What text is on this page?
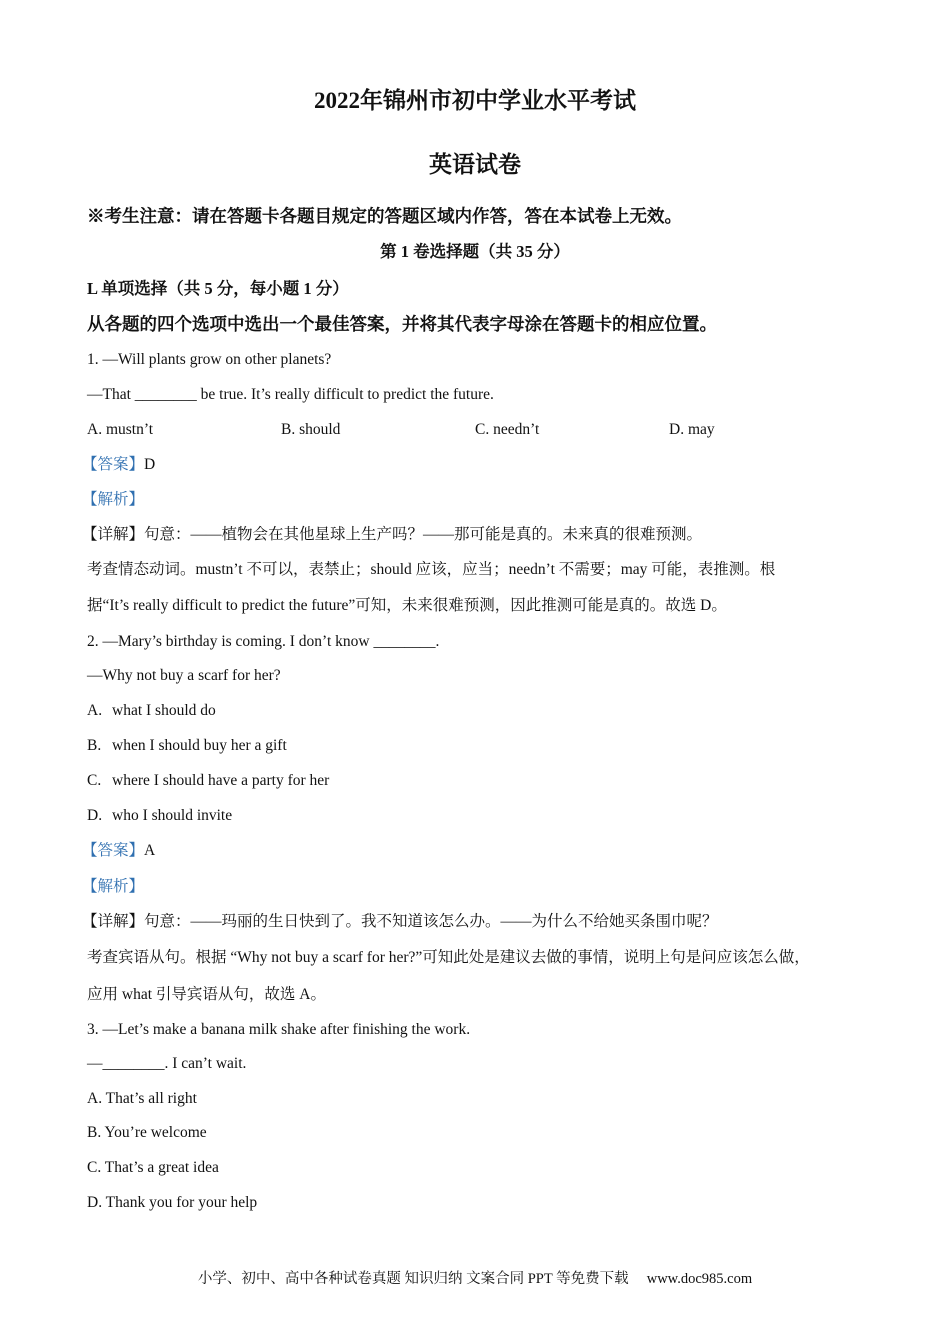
2022年锦州市初中学业水平考试
英语试卷
※考生注意：请在答题卡各题目规定的答题区域内作答，答在本试卷上无效。
第 1 卷选择题（共 35 分）
L 单项选择（共 5 分，每小题 1 分）
从各题的四个选项中选出一个最佳答案，并将其代表字母涂在答题卡的相应位置。
1. —Will plants grow on other planets?
—That ________ be true. It’s really difficult to predict the future.
A. mustn’t	B. should	C. needn’t	D. may
【答案】D
【解析】
【详解】句意：——植物会在其他星球上生产吗？——那可能是真的。未来真的很难预测。
考查情态动词。mustn’t 不可以，表禁止；should 应该，应当；needn’t 不需要；may 可能，表推测。根
据“It’s really difficult to predict the future”可知，未来很难预测，因此推测可能是真的。故选 D。
2. —Mary’s birthday is coming. I don’t know ________.
—Why not buy a scarf for her?
A. what I should do
B. when I should buy her a gift
C. where I should have a party for her
D. who I should invite
【答案】A
【解析】
【详解】句意：——玛丽的生日快到了。我不知道该怎么办。——为什么不给她买条围巾呢？
考查宾语从句。根据 “Why not buy a scarf for her?”可知此处是建议去做的事情，说明上句是问应该怎么做，
应用 what 引导宾语从句，故选 A。
3. —Let’s make a banana milk shake after finishing the work.
—________. I can’t wait.
A. That’s all right
B. You’re welcome
C. That’s a great idea
D. Thank you for your help
小学、初中、高中各种试卷真题 知识归纳 文案合同 PPT 等免费下载 www.doc985.com
